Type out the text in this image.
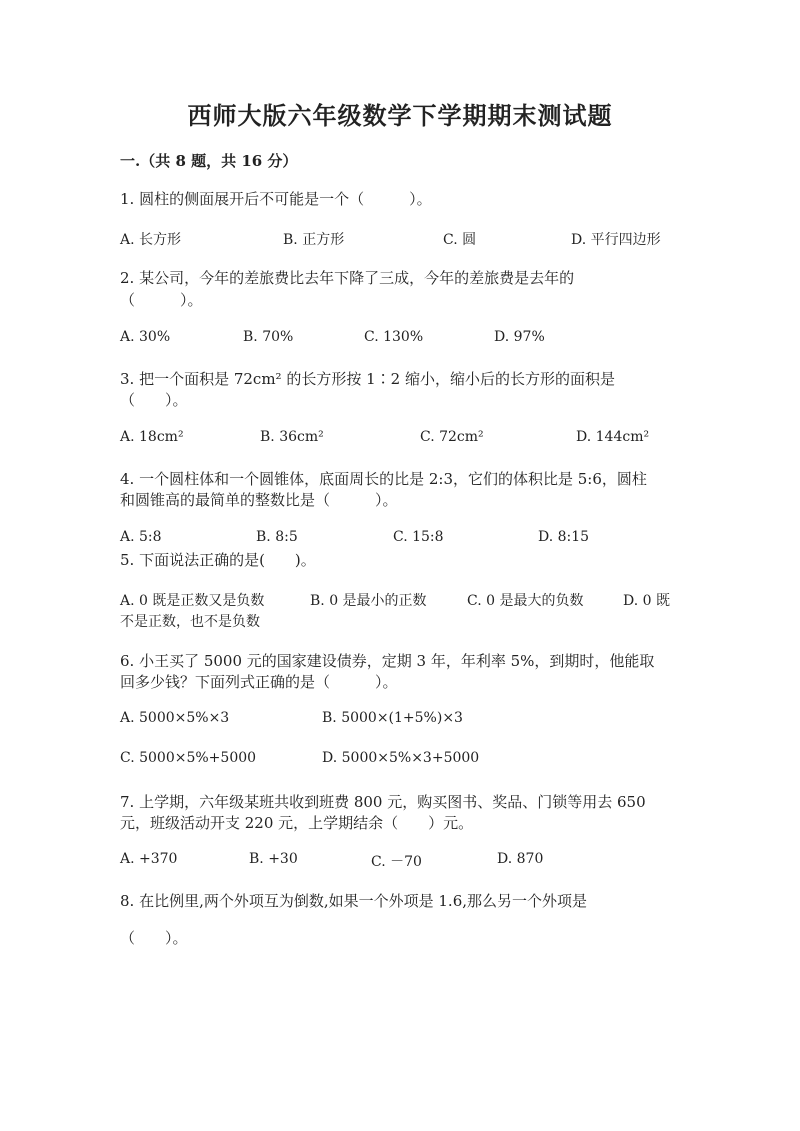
西师大版六年级数学下学期期末测试题
一.（共 8 题，共 16 分）
1. 圆柱的侧面展开后不可能是一个（　　　）。
A. 长方形	B. 正方形	C. 圆	D. 平行四边形
2. 某公司，今年的差旅费比去年下降了三成，今年的差旅费是去年的
（　　　）。
A. 30%	B. 70%	C. 130%	D. 97%
3. 把一个面积是 72cm² 的长方形按 1∶2 缩小，缩小后的长方形的面积是
（　　）。
A. 18cm²	B. 36cm²	C. 72cm²	D. 144cm²
4. 一个圆柱体和一个圆锥体，底面周长的比是 2:3，它们的体积比是 5:6，圆柱
和圆锥高的最简单的整数比是（　　　）。
A. 5:8	B. 8:5	C. 15:8	D. 8:15
5. 下面说法正确的是(　　)。
A. 0 既是正数又是负数	B. 0 是最小的正数	C. 0 是最大的负数	D. 0 既
不是正数，也不是负数
6. 小王买了 5000 元的国家建设债券，定期 3 年，年利率 5%，到期时，他能取
回多少钱？下面列式正确的是（　　　）。
A. 5000×5%×3	B. 5000×(1+5%)×3
C. 5000×5%+5000	D. 5000×5%×3+5000
7. 上学期，六年级某班共收到班费 800 元，购买图书、奖品、门锁等用去 650
元，班级活动开支 220 元，上学期结余（　　）元。
A. +370	B. +30	C. －70	D. 870
8. 在比例里,两个外项互为倒数,如果一个外项是 1.6,那么另一个外项是
（　　）。
